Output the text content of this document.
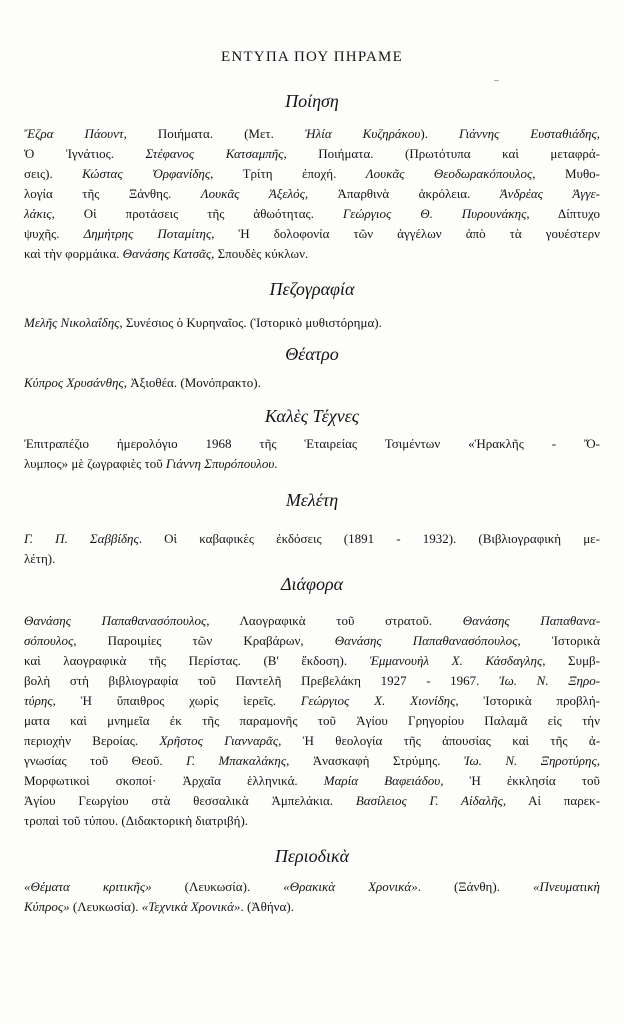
ΕΝΤΥΠΑ ΠΟΥ ΠΗΡΑΜΕ
Ποίηση
Ἔζρα Πάουντ, Ποιήματα. (Μετ. Ἠλία Κυζηράκου). Γιάννης Ευσταθιάδης,
Ὁ Ἰγνάτιος. Στέφανος Κατσαμπῆς, Ποιήματα. (Πρωτότυπα καὶ μεταφρά-
σεις). Κώστας Ὀρφανίδης, Τρίτη ἐποχή. Λουκᾶς Θεοδωρακόπουλος, Μυθο-
λογία τῆς Ξάνθης. Λουκᾶς Ἀξελός, Ἀπαρθινὰ ἀκρόλεια. Ἀνδρέας Ἀγγε-
λάκις, Οἱ προτάσεις τῆς ἀθωότητας. Γεώργιος Θ. Πυρουνάκης, Δίπτυχο
ψυχῆς. Δημήτρης Ποταμίτης, Ἡ δολοφονία τῶν ἀγγέλων ἀπὸ τὰ γουέστερν
καὶ τὴν φορμάικα. Θανάσης Κατσᾶς, Σπουδὲς κύκλων.
Πεζογραφία
Μελῆς Νικολαΐδης, Συνέσιος ὁ Κυρηναῖος. (Ἱστορικὸ μυθιστόρημα).
Θέατρο
Κύπρος Χρυσάνθης, Ἀξιοθέα. (Μονόπρακτο).
Καλὲς Τέχνες
Ἐπιτραπέζιο ἡμερολόγιο 1968 τῆς Ἑταιρείας Τσιμέντων «Ἡρακλῆς - Ὄ-
λυμπος» μὲ ζωγραφιὲς τοῦ Γιάννη Σπυρόπουλου.
Μελέτη
Γ. Π. Σαββίδης. Οἱ καβαφικὲς ἐκδόσεις (1891 - 1932). (Βιβλιογραφικὴ με-
λέτη).
Διάφορα
Θανάσης Παπαθανασόπουλος, Λαογραφικὰ τοῦ στρατοῦ. Θανάσης Παπαθανα-
σόπουλος, Παροιμίες τῶν Κραβάρων, Θανάσης Παπαθανασόπουλος, Ἱστορικὰ
καὶ λαογραφικὰ τῆς Περίστας. (Β' ἔκδοση). Ἐμμανουὴλ Χ. Κάσδαγλης, Συμβ-
βολὴ στὴ βιβλιογραφία τοῦ Παντελῆ Πρεβελάκη 1927 - 1967. Ἰω. Ν. Ξηρο-
τύρης, Ἡ ὕπαιθρος χωρὶς ἱερεῖς. Γεώργιος Χ. Χιονίδης, Ἱστορικὰ προβλή-
ματα καὶ μνημεῖα ἐκ τῆς παραμονῆς τοῦ Ἁγίου Γρηγορίου Παλαμᾶ εἰς τὴν
περιοχὴν Βεροίας. Χρῆστος Γιανναρᾶς, Ἡ θεολογία τῆς ἀπουσίας καὶ τῆς ἀ-
γνωσίας τοῦ Θεοῦ. Γ. Μπακαλάκης, Ἀνασκαφὴ Στρύμης. Ἰω. Ν. Ξηροτύρης,
Μορφωτικοὶ σκοποί· Ἀρχαῖα ἑλληνικά. Μαρία Βαφειάδου, Ἡ ἐκκλησία τοῦ
Ἁγίου Γεωργίου στὰ θεσσαλικὰ Ἀμπελάκια. Βασίλειος Γ. Αἰδαλῆς, Αἱ παρεκ-
τροπαὶ τοῦ τύπου. (Διδακτορικὴ διατριβή).
Περιοδικὰ
«Θέματα κριτικῆς» (Λευκωσία). «Θρακικὰ Χρονικά». (Ξάνθη). «Πνευματικὴ
Κύπρος» (Λευκωσία). «Τεχνικὰ Χρονικά». (Ἀθήνα).
